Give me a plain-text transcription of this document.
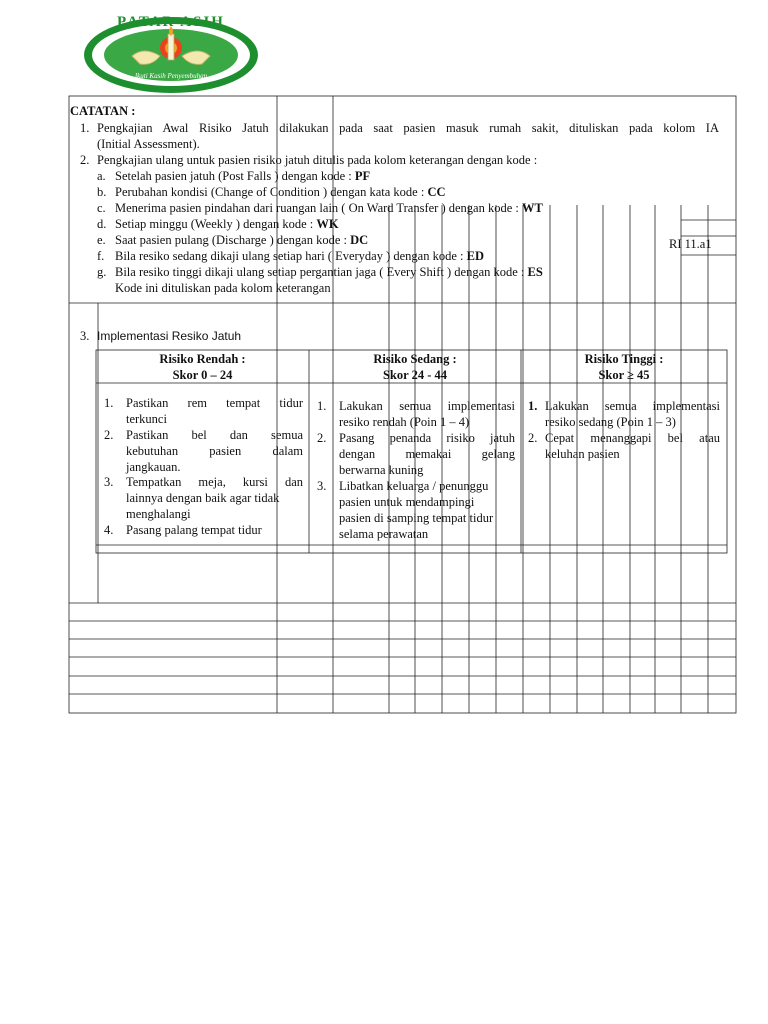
PATAR ASIH
Ikuti Kasih Penyembuhan
RI 11.a1
CATATAN :
1. Pengkajian Awal Risiko Jatuh dilakukan pada saat pasien masuk rumah sakit, dituliskan pada kolom IA
(Initial Assessment).
2. Pengkajian ulang untuk pasien risiko jatuh ditulis pada kolom keterangan dengan kode :
a. Setelah pasien jatuh (Post Falls ) dengan kode : PF
b. Perubahan kondisi (Change of Condition ) dengan kata kode : CC
c. Menerima pasien pindahan dari ruangan lain ( On Ward Transfer ) dengan kode : WT
d. Setiap minggu (Weekly ) dengan kode : WK
e. Saat pasien pulang (Discharge ) dengan kode : DC
f. Bila resiko sedang dikaji ulang setiap hari ( Everyday ) dengan kode : ED
g. Bila resiko tinggi dikaji ulang setiap pergantian jaga ( Every Shift ) dengan kode : ES
Kode ini dituliskan pada kolom keterangan
3. Implementasi Resiko Jatuh
Risiko Rendah :
Skor 0 – 24
Risiko Sedang :
Skor 24 - 44
Risiko Tinggi :
Skor ≥ 45
1. Pastikan rem tempat tidur
terkunci
2. Pastikan bel dan semua
kebutuhan pasien dalam
jangkauan.
3. Tempatkan meja, kursi dan
lainnya dengan baik agar tidak
menghalangi
4. Pasang palang tempat tidur
1. Lakukan semua implementasi
resiko rendah (Poin 1 – 4)
2. Pasang penanda risiko jatuh
dengan memakai gelang
berwarna kuning
3. Libatkan keluarga / penunggu
pasien untuk mendampingi
pasien di samping tempat tidur
selama perawatan
1. Lakukan semua implementasi
resiko sedang (Poin 1 – 3)
2. Cepat menanggapi bel atau
keluhan pasien
